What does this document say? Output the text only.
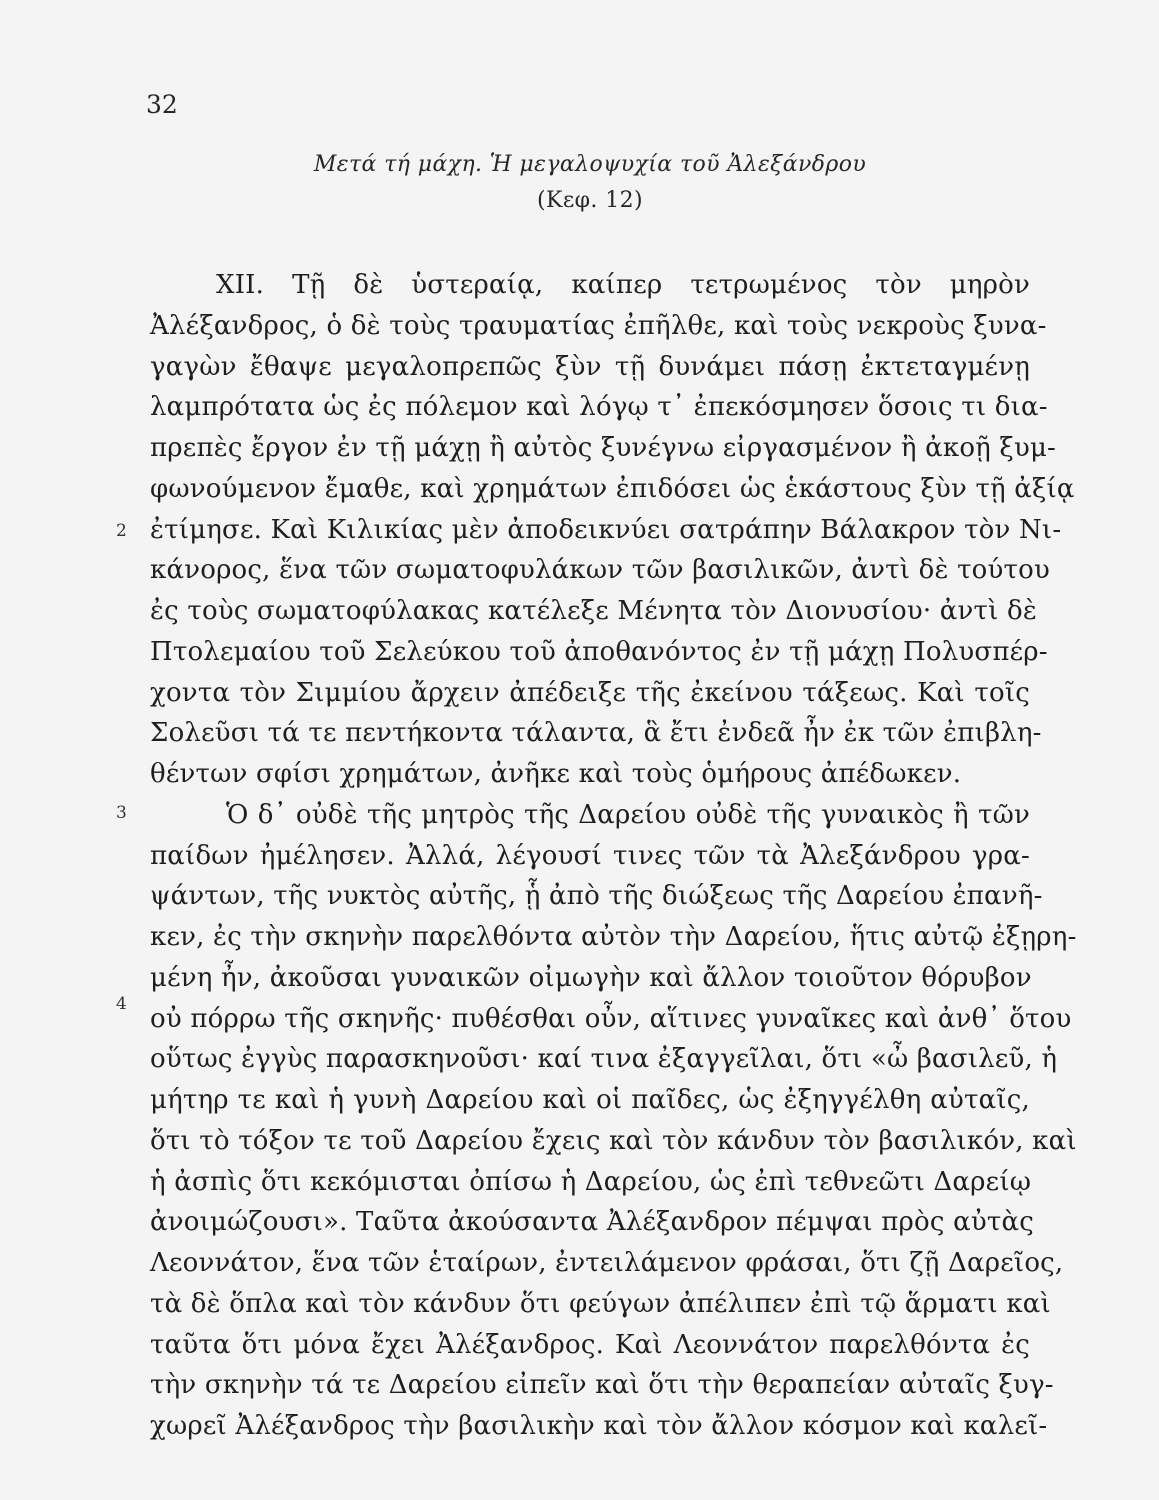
32
Μετά τή μάχη. Ἡ μεγαλοψυχία τοῦ Ἀλεξάνδρου
(Κεφ. 12)
2
3
4
ΧΙΙ. Τῇ δὲ ὑστεραίᾳ, καίπερ τετρωμένος τὸν μηρὸν
Ἀλέξανδρος, ὁ δὲ τοὺς τραυματίας ἐπῆλθε, καὶ τοὺς νεκροὺς ξυνα-
γαγὼν ἔθαψε μεγαλοπρεπῶς ξὺν τῇ δυνάμει πάσῃ ἐκτεταγμένῃ
λαμπρότατα ὡς ἐς πόλεμον καὶ λόγῳ τ᾿ ἐπεκόσμησεν ὅσοις τι δια-
πρεπὲς ἔργον ἐν τῇ μάχῃ ἢ αὐτὸς ξυνέγνω εἰργασμένον ἢ ἀκοῇ ξυμ-
φωνούμενον ἔμαθε, καὶ χρημάτων ἐπιδόσει ὡς ἑκάστους ξὺν τῇ ἀξίᾳ
ἐτίμησε. Καὶ Κιλικίας μὲν ἀποδεικνύει σατράπην Βάλακρον τὸν Νι-
κάνορος, ἕνα τῶν σωματοφυλάκων τῶν βασιλικῶν, ἀντὶ δὲ τούτου
ἐς τοὺς σωματοφύλακας κατέλεξε Μένητα τὸν Διονυσίου· ἀντὶ δὲ
Πτολεμαίου τοῦ Σελεύκου τοῦ ἀποθανόντος ἐν τῇ μάχῃ Πολυσπέρ-
χοντα τὸν Σιμμίου ἄρχειν ἀπέδειξε τῆς ἐκείνου τάξεως. Καὶ τοῖς
Σολεῦσι τά τε πεντήκοντα τάλαντα, ἃ ἔτι ἐνδεᾶ ἦν ἐκ τῶν ἐπιβλη-
θέντων σφίσι χρημάτων, ἀνῆκε καὶ τοὺς ὁμήρους ἀπέδωκεν.
Ὁ δ᾿ οὐδὲ τῆς μητρὸς τῆς Δαρείου οὐδὲ τῆς γυναικὸς ἢ τῶν
παίδων ἠμέλησεν. Ἀλλά, λέγουσί τινες τῶν τὰ Ἀλεξάνδρου γρα-
ψάντων, τῆς νυκτὸς αὐτῆς, ᾗ ἀπὸ τῆς διώξεως τῆς Δαρείου ἐπανῆ-
κεν, ἐς τὴν σκηνὴν παρελθόντα αὐτὸν τὴν Δαρείου, ἥτις αὐτῷ ἐξῃρη-
μένη ἦν, ἀκοῦσαι γυναικῶν οἰμωγὴν καὶ ἄλλον τοιοῦτον θόρυβον
οὐ πόρρω τῆς σκηνῆς· πυθέσθαι οὖν, αἵτινες γυναῖκες καὶ ἀνθ᾿ ὅτου
οὕτως ἐγγὺς παρασκηνοῦσι· καί τινα ἐξαγγεῖλαι, ὅτι «ὦ βασιλεῦ, ἡ
μήτηρ τε καὶ ἡ γυνὴ Δαρείου καὶ οἱ παῖδες, ὡς ἐξηγγέλθη αὐταῖς,
ὅτι τὸ τόξον τε τοῦ Δαρείου ἔχεις καὶ τὸν κάνδυν τὸν βασιλικόν, καὶ
ἡ ἀσπὶς ὅτι κεκόμισται ὀπίσω ἡ Δαρείου, ὡς ἐπὶ τεθνεῶτι Δαρείῳ
ἀνοιμώζουσι». Ταῦτα ἀκούσαντα Ἀλέξανδρον πέμψαι πρὸς αὐτὰς
Λεοννάτον, ἕνα τῶν ἑταίρων, ἐντειλάμενον φράσαι, ὅτι ζῇ Δαρεῖος,
τὰ δὲ ὅπλα καὶ τὸν κάνδυν ὅτι φεύγων ἀπέλιπεν ἐπὶ τῷ ἅρματι καὶ
ταῦτα ὅτι μόνα ἔχει Ἀλέξανδρος. Καὶ Λεοννάτον παρελθόντα ἐς
τὴν σκηνὴν τά τε Δαρείου εἰπεῖν καὶ ὅτι τὴν θεραπείαν αὐταῖς ξυγ-
χωρεῖ Ἀλέξανδρος τὴν βασιλικὴν καὶ τὸν ἄλλον κόσμον καὶ καλεῖ-
